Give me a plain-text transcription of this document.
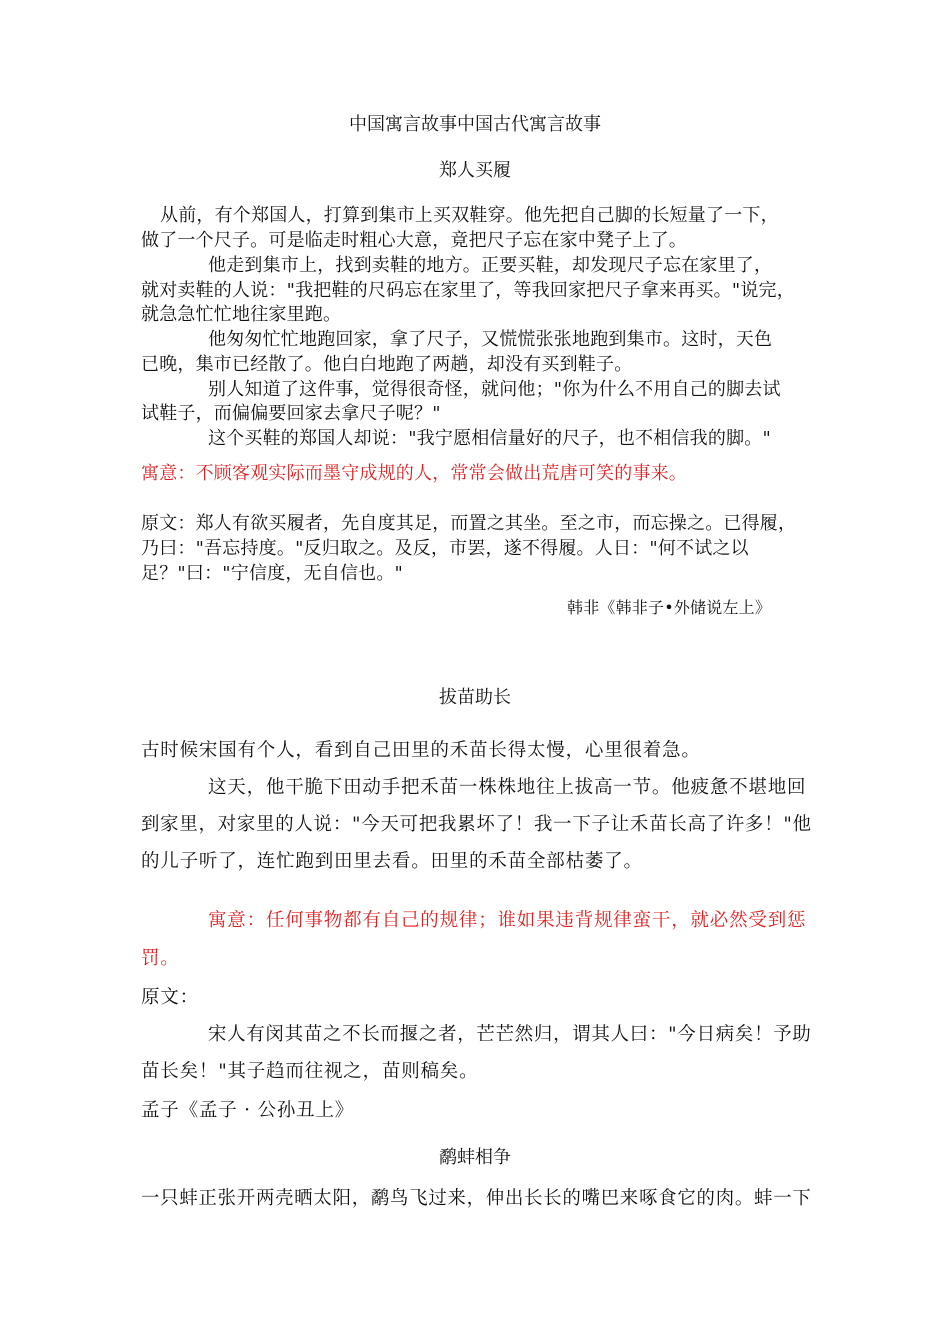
中国寓言故事中国古代寓言故事
郑人买履
从前，有个郑国人，打算到集市上买双鞋穿。他先把自己脚的长短量了一下，
做了一个尺子。可是临走时粗心大意，竟把尺子忘在家中凳子上了。
他走到集市上，找到卖鞋的地方。正要买鞋，却发现尺子忘在家里了，
就对卖鞋的人说："我把鞋的尺码忘在家里了，等我回家把尺子拿来再买。"说完，
就急急忙忙地往家里跑。
他匆匆忙忙地跑回家，拿了尺子，又慌慌张张地跑到集市。这时，天色
已晚，集市已经散了。他白白地跑了两趟，却没有买到鞋子。
别人知道了这件事，觉得很奇怪，就问他；"你为什么不用自己的脚去试
试鞋子，而偏偏要回家去拿尺子呢？"
这个买鞋的郑国人却说："我宁愿相信量好的尺子，也不相信我的脚。"
寓意：不顾客观实际而墨守成规的人，常常会做出荒唐可笑的事来。
原文：郑人有欲买履者，先自度其足，而置之其坐。至之市，而忘操之。已得履，
乃曰："吾忘持度。"反归取之。及反，市罢，遂不得履。人日："何不试之以
足？"曰："宁信度，无自信也。"
韩非《韩非子•外储说左上》
拔苗助长
古时候宋国有个人，看到自己田里的禾苗长得太慢，心里很着急。
这天，他干脆下田动手把禾苗一株株地往上拔高一节。他疲惫不堪地回
到家里，对家里的人说："今天可把我累坏了！我一下子让禾苗长高了许多！"他
的儿子听了，连忙跑到田里去看。田里的禾苗全部枯萎了。
寓意：任何事物都有自己的规律；谁如果违背规律蛮干，就必然受到惩
罚。
原文：
宋人有闵其苗之不长而揠之者，芒芒然归，谓其人曰："今日病矣！予助
苗长矣！"其子趋而往视之，苗则稿矣。
孟子《孟子 · 公孙丑上》
鹬蚌相争
一只蚌正张开两壳晒太阳，鹬鸟飞过来，伸出长长的嘴巴来啄食它的肉。蚌一下
